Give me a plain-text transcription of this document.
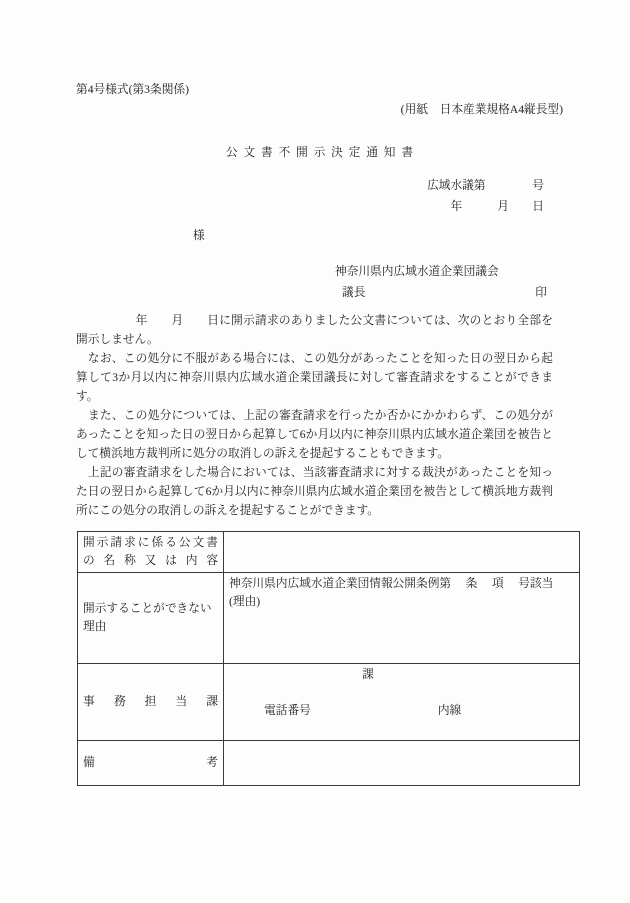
第4号様式(第3条関係)
(用紙　日本産業規格A4縦長型)
公文書不開示決定通知書
広域水議第　　　　号
年　　　月　　日
様
神奈川県内広域水道企業団議会
議長	印

　　　　　年　　月　　日に開示請求のありました公文書については、次のとおり全部を開示しません。

　なお、この処分に不服がある場合には、この処分があったことを知った日の翌日から起算して3か月以内に神奈川県内広域水道企業団議長に対して審査請求をすることができます。

　また、この処分については、上記の審査請求を行ったか否かにかかわらず、この処分があったことを知った日の翌日から起算して6か月以内に神奈川県内広域水道企業団を被告として横浜地方裁判所に処分の取消しの訴えを提起することもできます。

　上記の審査請求をした場合においては、当該審査請求に対する裁決があったことを知った日の翌日から起算して6か月以内に神奈川県内広域水道企業団を被告として横浜地方裁判所にこの処分の取消しの訴えを提起することができます。

開示請求に係る公文書
の 名 称 又 は 内 容	

開示することができない理由	神奈川県内広域水道企業団情報公開条例第　 条　 項　 号該当
(理由)

事　務　担　当　課	課

電話番号 内線

備　　　　　　　考	
